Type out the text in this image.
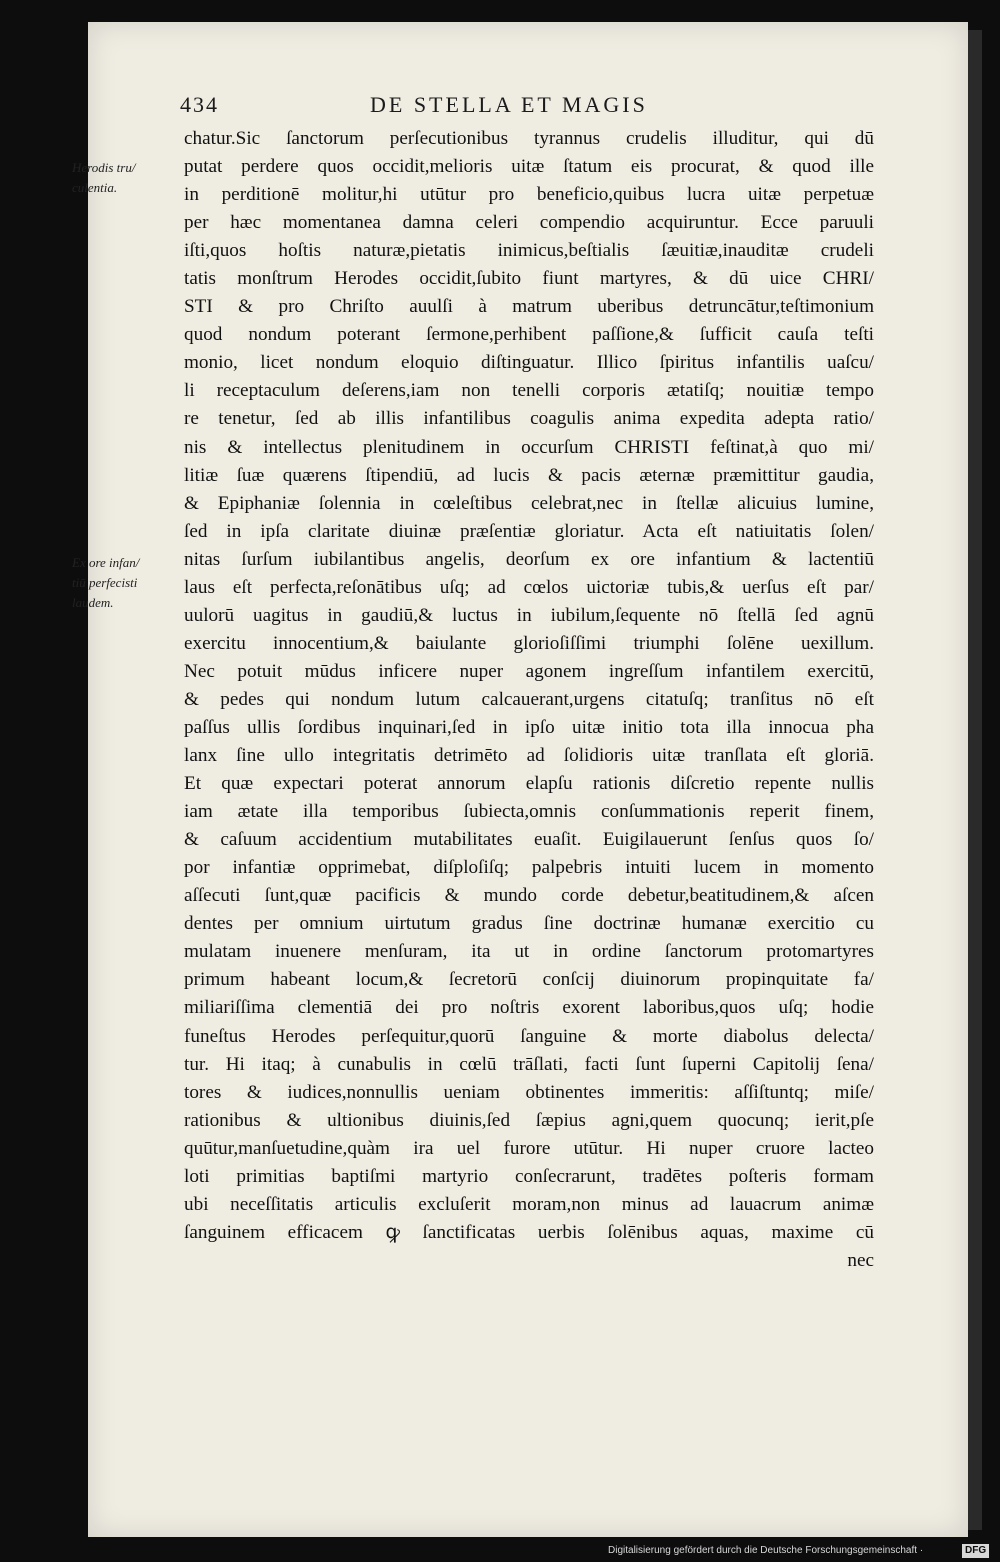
434	DE STELLA ET MAGIS
Herodis tru/
culentia.
Ex ore infan/
tiū perfecisti
laudem.
chatur.Sic ſanctorum perſecutionibus tyrannus crudelis illuditur, qui dū
putat perdere quos occidit,melioris uitæ ſtatum eis procurat, & quod ille
in perditionē molitur,hi utūtur pro beneficio,quibus lucra uitæ perpetuæ
per hæc momentanea damna celeri compendio acquiruntur. Ecce paruuli
iſti,quos hoſtis naturæ,pietatis inimicus,beſtialis ſæuitiæ,inauditæ crudeli
tatis monſtrum Herodes occidit,ſubito fiunt martyres, & dū uice CHRI/
STI & pro Chriſto auulſi à matrum uberibus detruncātur,teſtimonium
quod nondum poterant ſermone,perhibent paſſione,& ſufficit cauſa teſti
monio, licet nondum eloquio diſtinguatur. Illico ſpiritus infantilis uaſcu/
li receptaculum deſerens,iam non tenelli corporis ætatiſq; nouitiæ tempo
re tenetur, ſed ab illis infantilibus coagulis anima expedita adepta ratio/
nis & intellectus plenitudinem in occurſum CHRISTI feſtinat,à quo mi/
litiæ ſuæ quærens ſtipendiū, ad lucis & pacis æternæ præmittitur gaudia,
& Epiphaniæ ſolennia in cœleſtibus celebrat,nec in ſtellæ alicuius lumine,
ſed in ipſa claritate diuinæ præſentiæ gloriatur. Acta eſt natiuitatis ſolen/
nitas ſurſum iubilantibus angelis, deorſum ex ore infantium & lactentiū
laus eſt perfecta,reſonātibus uſq; ad cœlos uictoriæ tubis,& uerſus eſt par/
uulorū uagitus in gaudiū,& luctus in iubilum,ſequente nō ſtellā ſed agnū
exercitu innocentium,& baiulante glorioſiſſimi triumphi ſolēne uexillum.
Nec potuit mūdus inficere nuper agonem ingreſſum infantilem exercitū,
& pedes qui nondum lutum calcauerant,urgens citatuſq; tranſitus nō eſt
paſſus ullis ſordibus inquinari,ſed in ipſo uitæ initio tota illa innocua pha
lanx ſine ullo integritatis detrimēto ad ſolidioris uitæ tranſlata eſt gloriā.
Et quæ expectari poterat annorum elapſu rationis diſcretio repente nullis
iam ætate illa temporibus ſubiecta,omnis conſummationis reperit finem,
& caſuum accidentium mutabilitates euaſit. Euigilauerunt ſenſus quos ſo/
por infantiæ opprimebat, diſploſiſq; palpebris intuiti lucem in momento
aſſecuti ſunt,quæ pacificis & mundo corde debetur,beatitudinem,& aſcen
dentes per omnium uirtutum gradus ſine doctrinæ humanæ exercitio cu
mulatam inuenere menſuram, ita ut in ordine ſanctorum protomartyres
primum habeant locum,& ſecretorū conſcij diuinorum propinquitate fa/
miliariſſima clementiā dei pro noſtris exorent laboribus,quos uſq; hodie
funeſtus Herodes perſequitur,quorū ſanguine & morte diabolus delecta/
tur. Hi itaq; à cunabulis in cœlū trāſlati, facti ſunt ſuperni Capitolij ſena/
tores & iudices,nonnullis ueniam obtinentes immeritis: aſſiſtuntq; miſe/
rationibus & ultionibus diuinis,ſed ſæpius agni,quem quocunq; ierit,pſe
quūtur,manſuetudine,quàm ira uel furore utūtur. Hi nuper cruore lacteo
loti primitias baptiſmi martyrio conſecrarunt, tradētes poſteris formam
ubi neceſſitatis articulis excluſerit moram,non minus ad lauacrum animæ
ſanguinem efficacem ꝙ ſanctificatas uerbis ſolēnibus aquas, maxime cū
nec
Digitalisierung gefördert durch die Deutsche Forschungsgemeinschaft ·	DFG
